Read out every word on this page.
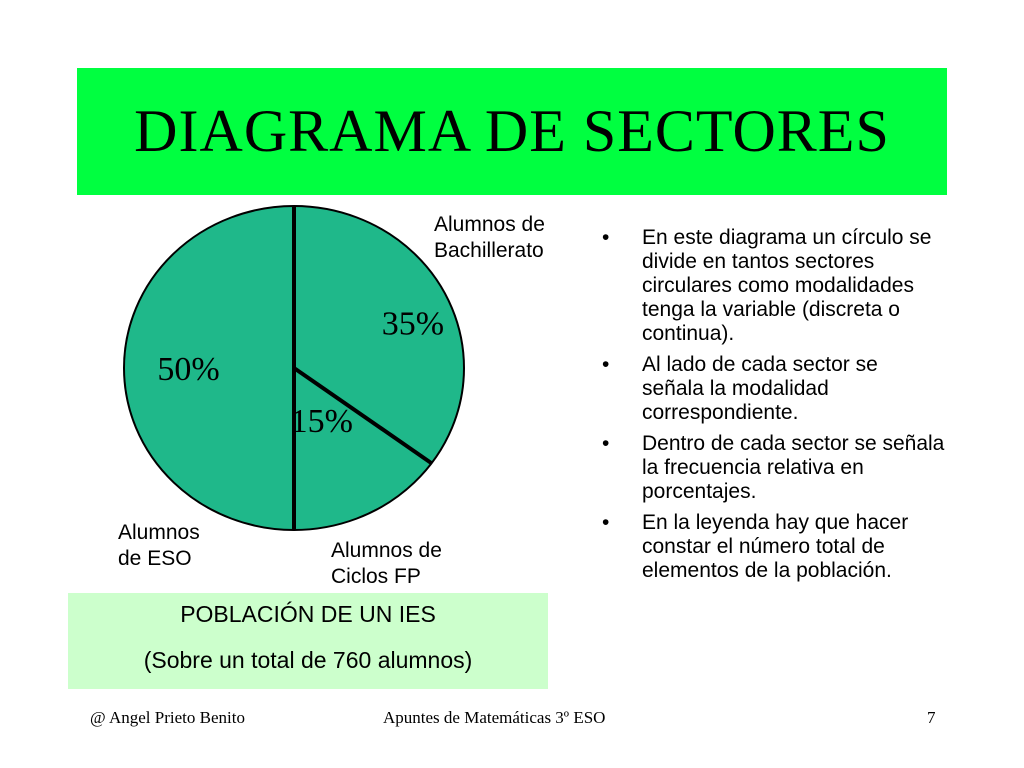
DIAGRAMA DE SECTORES
35%
15%
50%
Alumnos de
Bachillerato
Alumnos
de ESO	Alumnos de
Ciclos FP
POBLACIÓN DE UN IES
(Sobre un total de 760 alumnos)
• En este diagrama un círculo se divide en tantos sectores circulares como modalidades tenga la variable (discreta o continua).
• Al lado de cada sector se señala la modalidad correspondiente.
• Dentro de cada sector se señala la frecuencia relativa en porcentajes.
• En la leyenda hay que hacer constar el número total de elementos de la población.
@ Angel Prieto Benito	Apuntes de Matemáticas 3º ESO	7
